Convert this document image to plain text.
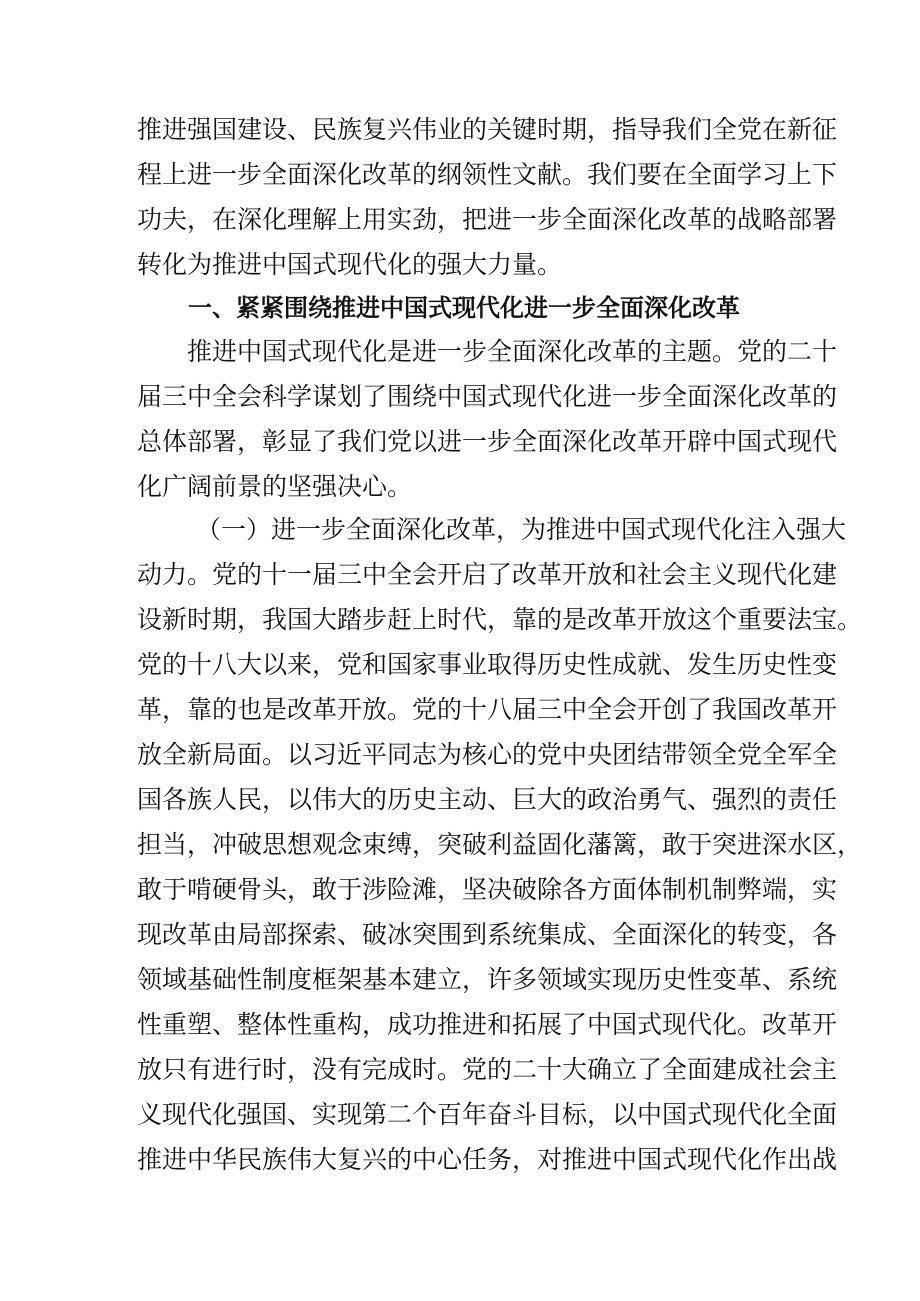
推进强国建设、民族复兴伟业的关键时期，指导我们全党在新征
程上进一步全面深化改革的纲领性文献。我们要在全面学习上下
功夫，在深化理解上用实劲，把进一步全面深化改革的战略部署
转化为推进中国式现代化的强大力量。
一、紧紧围绕推进中国式现代化进一步全面深化改革
推进中国式现代化是进一步全面深化改革的主题。党的二十
届三中全会科学谋划了围绕中国式现代化进一步全面深化改革的
总体部署，彰显了我们党以进一步全面深化改革开辟中国式现代
化广阔前景的坚强决心。
（一）进一步全面深化改革，为推进中国式现代化注入强大
动力。党的十一届三中全会开启了改革开放和社会主义现代化建
设新时期，我国大踏步赶上时代，靠的是改革开放这个重要法宝。
党的十八大以来，党和国家事业取得历史性成就、发生历史性变
革，靠的也是改革开放。党的十八届三中全会开创了我国改革开
放全新局面。以习近平同志为核心的党中央团结带领全党全军全
国各族人民，以伟大的历史主动、巨大的政治勇气、强烈的责任
担当，冲破思想观念束缚，突破利益固化藩篱，敢于突进深水区，
敢于啃硬骨头，敢于涉险滩，坚决破除各方面体制机制弊端，实
现改革由局部探索、破冰突围到系统集成、全面深化的转变，各
领域基础性制度框架基本建立，许多领域实现历史性变革、系统
性重塑、整体性重构，成功推进和拓展了中国式现代化。改革开
放只有进行时，没有完成时。党的二十大确立了全面建成社会主
义现代化强国、实现第二个百年奋斗目标，以中国式现代化全面
推进中华民族伟大复兴的中心任务，对推进中国式现代化作出战
